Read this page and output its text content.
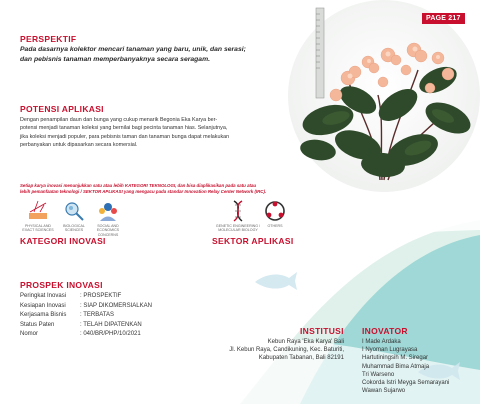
PAGE 217
PERSPEKTIF
Pada dasarnya kolektor mencari tanaman yang baru, unik, dan serasi;
dan pebisnis tanaman memperbanyaknya secara seragam.
POTENSI APLIKASI
Dengan penampilan daun dan bunga yang cukup menarik Begonia Eka Karya ber-
potensi menjadi tanaman koleksi yang bernilai bagi pecinta tanaman hias. Selanjutnya,
jika koleksi menjadi populer, para pebisnis taman dan tanaman bunga dapat melakukan
perbanyakan untuk dipasarkan secara komersial.
Setiap karya inovasi menunjukkan satu atau lebih KATEGORI TEKNOLOGI, dan bisa diaplikasikan pada satu atau
lebih pemanfaatan teknologi / SEKTOR APLIKASI yang mengacu pada standar Innovation Relay Center Network (IRC).
PHYSICAL AND
EXACT SCIENCES
BIOLOGICAL
SCIENCES
SOCIAL AND
ECONOMICS
CONCERNS
KATEGORI INOVASI
GENETIC ENGINEERING /
MOLECULAR BIOLOGY
OTHERS
SEKTOR APLIKASI
PROSPEK INOVASI
Peringkat Inovasi : PROSPEKTIF
Kesiapan Inovasi : SIAP DIKOMERSIALKAN
Kerjasama Bisnis : TERBATAS
Status Paten	: TELAH DIPATENKAN
Nomor	: 040/BR/PHP/10/2021	INSTITUSI
Kebun Raya 'Eka Karya' Bali
Jl. Kebun Raya, Candikuning, Kec. Baturiti,
Kabupaten Tabanan, Bali 82191
INOVATOR
I Made Ardaka
I Nyoman Lugrayasa
Hartutiningsih M. Siregar
Muhammad Bima Atmaja
Tri Warseno
Cokorda Istri Meyga Semarayani
Wawan Sujarwo
